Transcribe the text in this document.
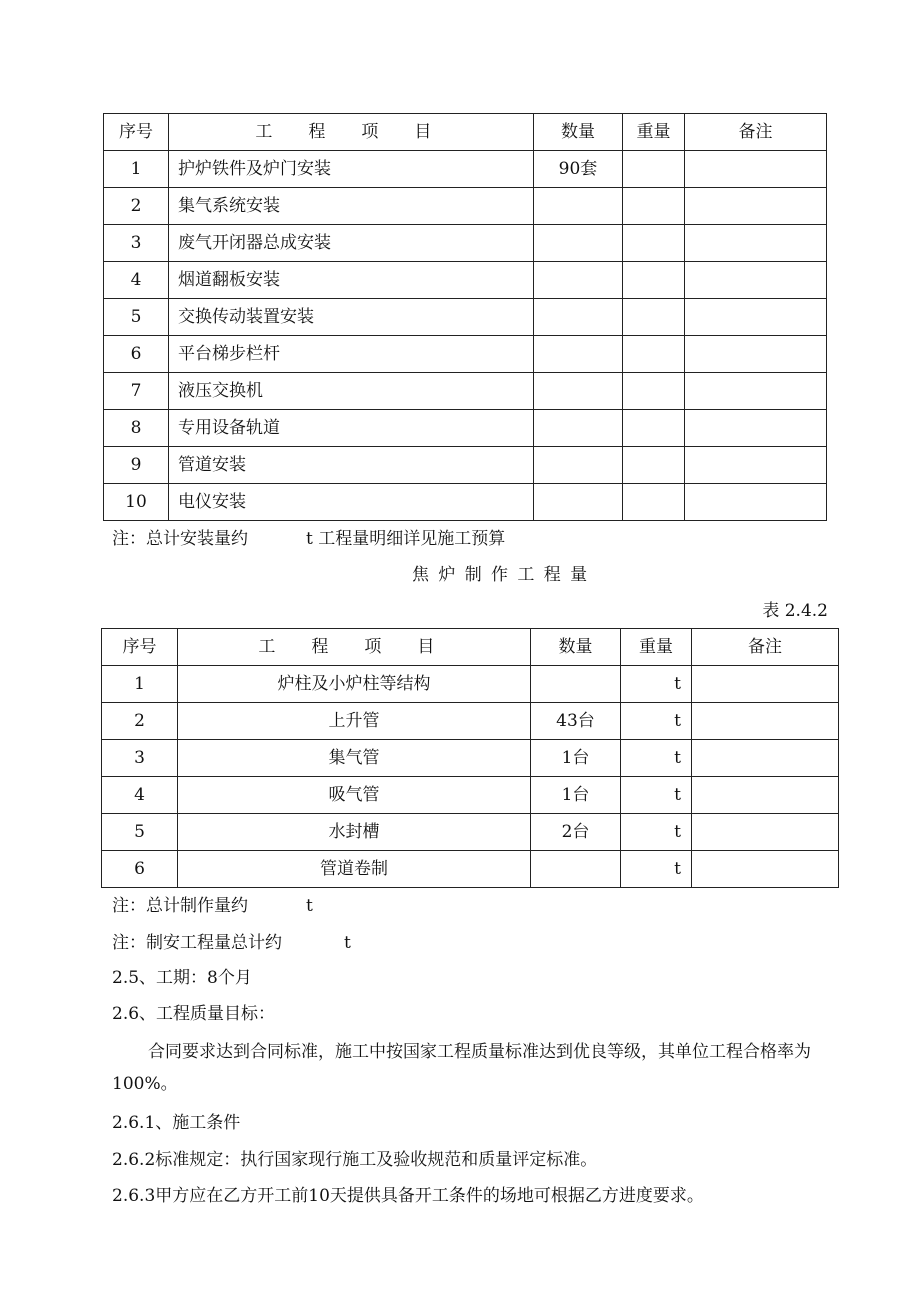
序号	工 程 项 目	数量	重量	备注
1	护炉铁件及炉门安装	90套		
2	集气系统安装			
3	废气开闭器总成安装			
4	烟道翻板安装			
5	交换传动装置安装			
6	平台梯步栏杆			
7	液压交换机			
8	专用设备轨道			
9	管道安装			
10	电仪安装			
注：总计安装量约	t 工程量明细详见施工预算
焦炉制作工程量
表 2.4.2
序号	工 程 项 目	数量	重量	备注
1	炉柱及小炉柱等结构		t	
2	上升管	43台	t	
3	集气管	1台	t	
4	吸气管	1台	t	
5	水封槽	2台	t	
6	管道卷制		t	
注：总计制作量约	t
注：制安工程量总计约	t
2.5、工期：8个月
2.6、工程质量目标：
合同要求达到合同标准，施工中按国家工程质量标准达到优良等级，其单位工程合格率为100%。
2.6.1、施工条件
2.6.2标准规定：执行国家现行施工及验收规范和质量评定标准。
2.6.3甲方应在乙方开工前10天提供具备开工条件的场地可根据乙方进度要求。
